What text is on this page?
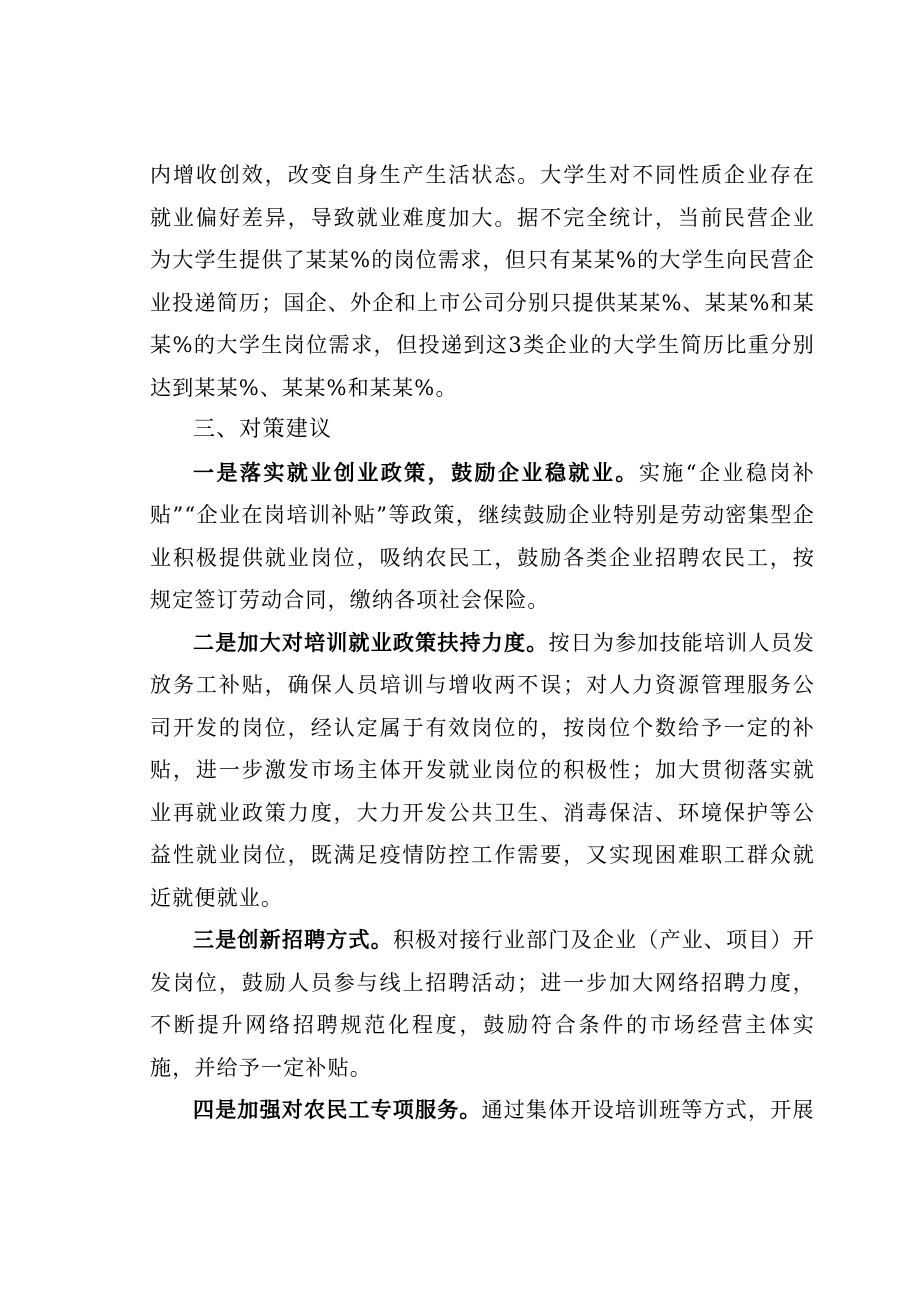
内增收创效，改变自身生产生活状态。大学生对不同性质企业存在就业偏好差异，导致就业难度加大。据不完全统计，当前民营企业为大学生提供了某某%的岗位需求，但只有某某%的大学生向民营企业投递简历；国企、外企和上市公司分别只提供某某%、某某%和某某%的大学生岗位需求，但投递到这3类企业的大学生简历比重分别达到某某%、某某%和某某%。

三、对策建议

一是落实就业创业政策，鼓励企业稳就业。实施“企业稳岗补贴”“企业在岗培训补贴”等政策，继续鼓励企业特别是劳动密集型企业积极提供就业岗位，吸纳农民工，鼓励各类企业招聘农民工，按规定签订劳动合同，缴纳各项社会保险。

二是加大对培训就业政策扶持力度。按日为参加技能培训人员发放务工补贴，确保人员培训与增收两不误；对人力资源管理服务公司开发的岗位，经认定属于有效岗位的，按岗位个数给予一定的补贴，进一步激发市场主体开发就业岗位的积极性；加大贯彻落实就业再就业政策力度，大力开发公共卫生、消毒保洁、环境保护等公益性就业岗位，既满足疫情防控工作需要，又实现困难职工群众就近就便就业。

三是创新招聘方式。积极对接行业部门及企业（产业、项目）开发岗位，鼓励人员参与线上招聘活动；进一步加大网络招聘力度，不断提升网络招聘规范化程度，鼓励符合条件的市场经营主体实施，并给予一定补贴。

四是加强对农民工专项服务。通过集体开设培训班等方式，开展
